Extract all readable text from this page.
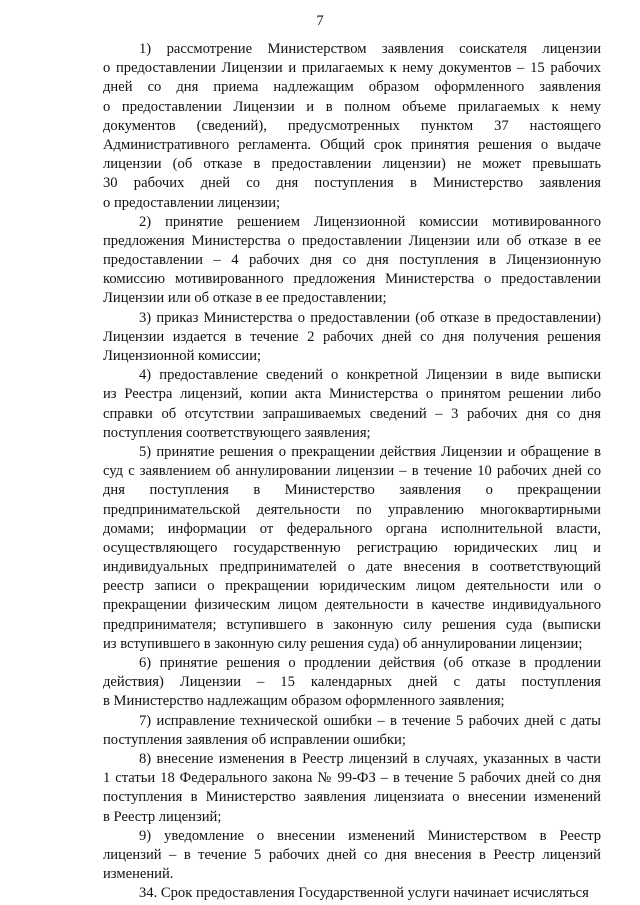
7
1) рассмотрение Министерством заявления соискателя лицензии
о предоставлении Лицензии и прилагаемых к нему документов – 15 рабочих
дней со дня приема надлежащим образом оформленного заявления
о предоставлении Лицензии и в полном объеме прилагаемых к нему
документов (сведений), предусмотренных пунктом 37 настоящего
Административного регламента. Общий срок принятия решения о выдаче
лицензии (об отказе в предоставлении лицензии) не может превышать
30 рабочих дней со дня поступления в Министерство заявления
о предоставлении лицензии;
2) принятие решением Лицензионной комиссии мотивированного
предложения Министерства о предоставлении Лицензии или об отказе в ее
предоставлении – 4 рабочих дня со дня поступления в Лицензионную
комиссию мотивированного предложения Министерства о предоставлении
Лицензии или об отказе в ее предоставлении;
3) приказ Министерства о предоставлении (об отказе в предоставлении)
Лицензии издается в течение 2 рабочих дней со дня получения решения
Лицензионной комиссии;
4) предоставление сведений о конкретной Лицензии в виде выписки
из Реестра лицензий, копии акта Министерства о принятом решении либо
справки об отсутствии запрашиваемых сведений – 3 рабочих дня со дня
поступления соответствующего заявления;
5) принятие решения о прекращении действия Лицензии и обращение в
суд с заявлением об аннулировании лицензии – в течение 10 рабочих дней со
дня поступления в Министерство заявления о прекращении
предпринимательской деятельности по управлению многоквартирными
домами; информации от федерального органа исполнительной власти,
осуществляющего государственную регистрацию юридических лиц и
индивидуальных предпринимателей о дате внесения в соответствующий
реестр записи о прекращении юридическим лицом деятельности или о
прекращении физическим лицом деятельности в качестве индивидуального
предпринимателя; вступившего в законную силу решения суда (выписки
из вступившего в законную силу решения суда) об аннулировании лицензии;
6) принятие решения о продлении действия (об отказе в продлении
действия) Лицензии – 15 календарных дней с даты поступления
в Министерство надлежащим образом оформленного заявления;
7) исправление технической ошибки – в течение 5 рабочих дней с даты
поступления заявления об исправлении ошибки;
8) внесение изменения в Реестр лицензий в случаях, указанных в части
1 статьи 18 Федерального закона № 99-ФЗ – в течение 5 рабочих дней со дня
поступления в Министерство заявления лицензиата о внесении изменений
в Реестр лицензий;
9) уведомление о внесении изменений Министерством в Реестр
лицензий – в течение 5 рабочих дней со дня внесения в Реестр лицензий
изменений.
34. Срок предоставления Государственной услуги начинает исчисляться
